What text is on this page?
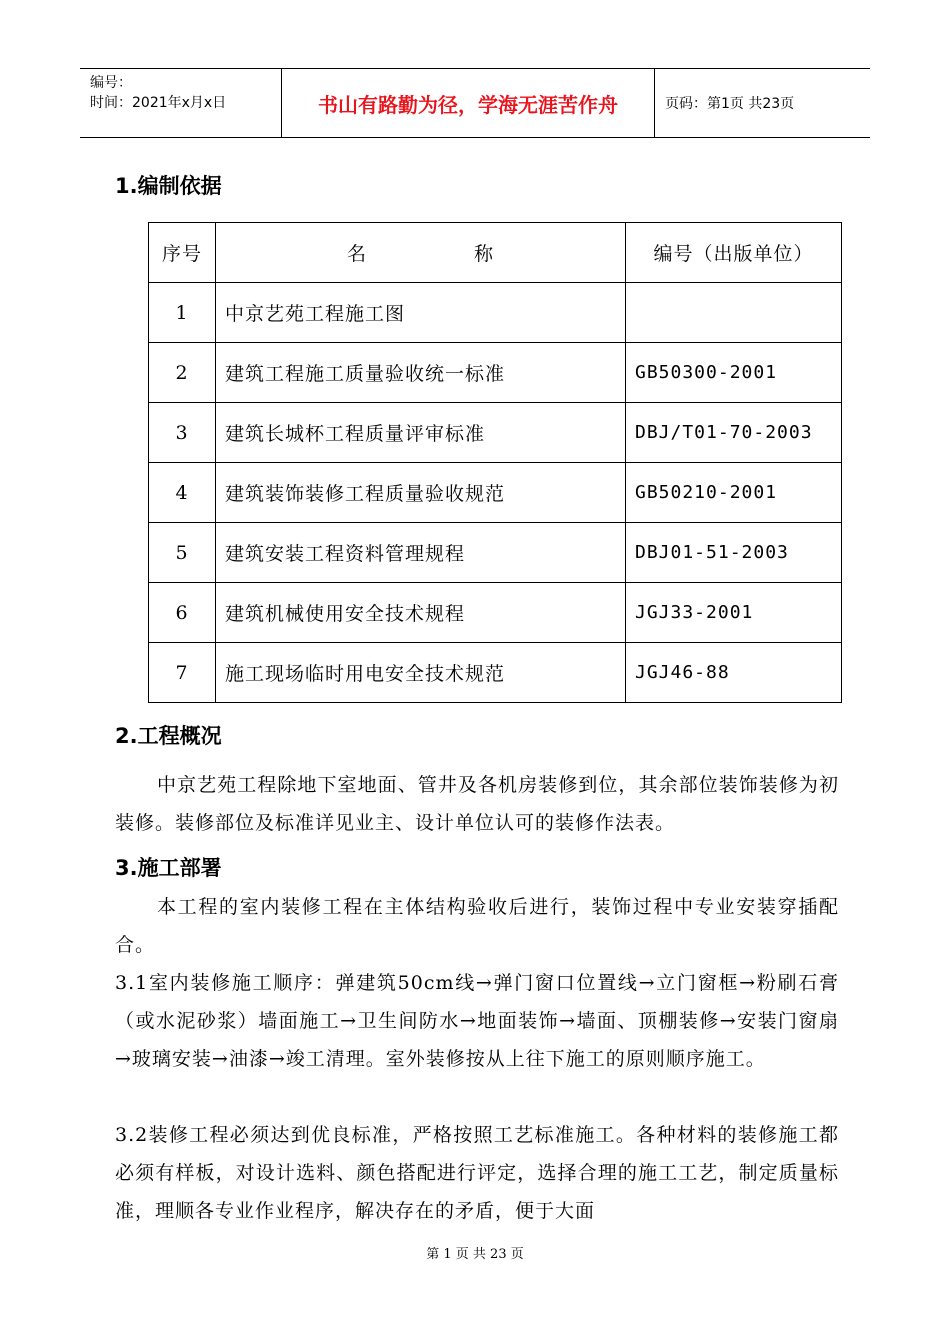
编号：
时间：2021年x月x日	书山有路勤为径，学海无涯苦作舟	页码：第1页 共23页
1.编制依据
序号	名 称	编号（出版单位）
1	中京艺苑工程施工图	
2	建筑工程施工质量验收统一标准	GB50300-2001
3	建筑长城杯工程质量评审标准	DBJ/T01-70-2003
4	建筑装饰装修工程质量验收规范	GB50210-2001
5	建筑安装工程资料管理规程	DBJ01-51-2003
6	建筑机械使用安全技术规程	JGJ33-2001
7	施工现场临时用电安全技术规范	JGJ46-88
2.工程概况

中京艺苑工程除地下室地面、管井及各机房装修到位，其余部位装饰装修为初装修。装修部位及标准详见业主、设计单位认可的装修作法表。

3.施工部署

本工程的室内装修工程在主体结构验收后进行，装饰过程中专业安装穿插配合。

3.1室内装修施工顺序：弹建筑50cm线→弹门窗口位置线→立门窗框→粉刷石膏（或水泥砂浆）墙面施工→卫生间防水→地面装饰→墙面、顶棚装修→安装门窗扇→玻璃安装→油漆→竣工清理。室外装修按从上往下施工的原则顺序施工。

3.2装修工程必须达到优良标准，严格按照工艺标准施工。各种材料的装修施工都必须有样板，对设计选料、颜色搭配进行评定，选择合理的施工工艺，制定质量标准，理顺各专业作业程序，解决存在的矛盾，便于大面

第 1 页 共 23 页
